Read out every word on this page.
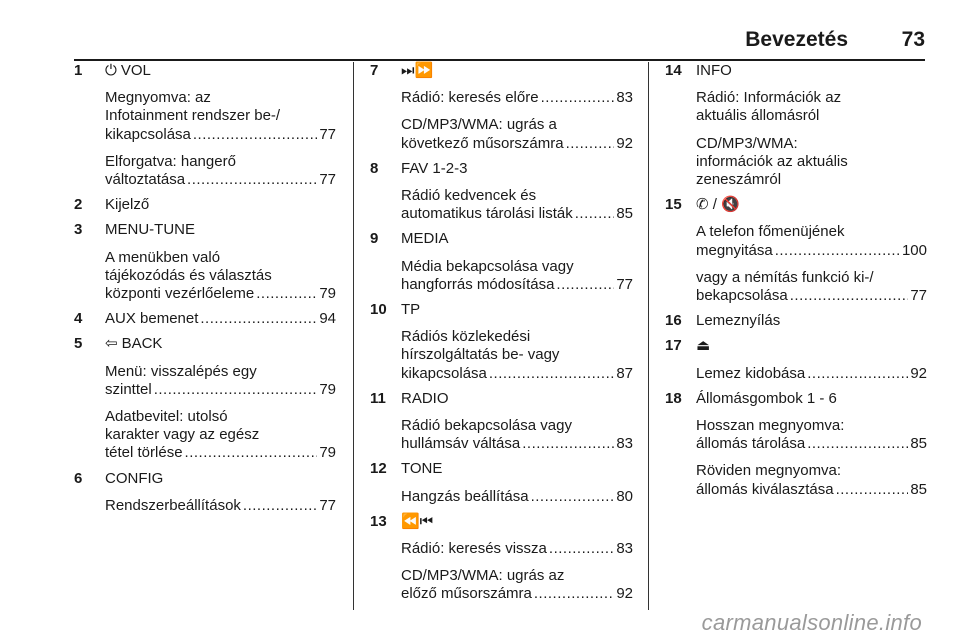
Bevezetés	73
1 ⏻ VOL
Megnyomva: az
Infotainment rendszer be-/
kikapcsolása .....	77
Elforgatva: hangerő
változtatása .....	77
2 Kijelző
3 MENU-TUNE
A menükben való
tájékozódás és választás
központi vezérlőeleme .....	79
4 AUX bemenet .....	94
5 ⇦ BACK
Menü: visszalépés egy
szinttel .....	79
Adatbevitel: utolsó
karakter vagy az egész
tétel törlése .....	79
6 CONFIG
Rendszerbeállítások .....	77
7 ⏭⏩
Rádió: keresés előre .....	83
CD/MP3/WMA: ugrás a
következő műsorszámra .....	92
8 FAV 1-2-3
Rádió kedvencek és
automatikus tárolási listák .....	85
9 MEDIA
Média bekapcsolása vagy
hangforrás módosítása .....	77
10 TP
Rádiós közlekedési
hírszolgáltatás be- vagy
kikapcsolása .....	87
11 RADIO
Rádió bekapcsolása vagy
hullámsáv váltása .....	83
12 TONE
Hangzás beállítása .....	80
13 ⏪⏮
Rádió: keresés vissza .....	83
CD/MP3/WMA: ugrás az
előző műsorszámra .....	92
14 INFO
Rádió: Információk az
aktuális állomásról
CD/MP3/WMA:
információk az aktuális
zeneszámról
15 ✆ / 🔇
A telefon főmenüjének
megnyitása .....	100
vagy a némítás funkció ki-/
bekapcsolása .....	77
16 Lemeznyílás
17 ⏏
Lemez kidobása .....	92
18 Állomásgombok 1 - 6
Hosszan megnyomva:
állomás tárolása .....	85
Röviden megnyomva:
állomás kiválasztása .....	85
carmanualsonline.info
